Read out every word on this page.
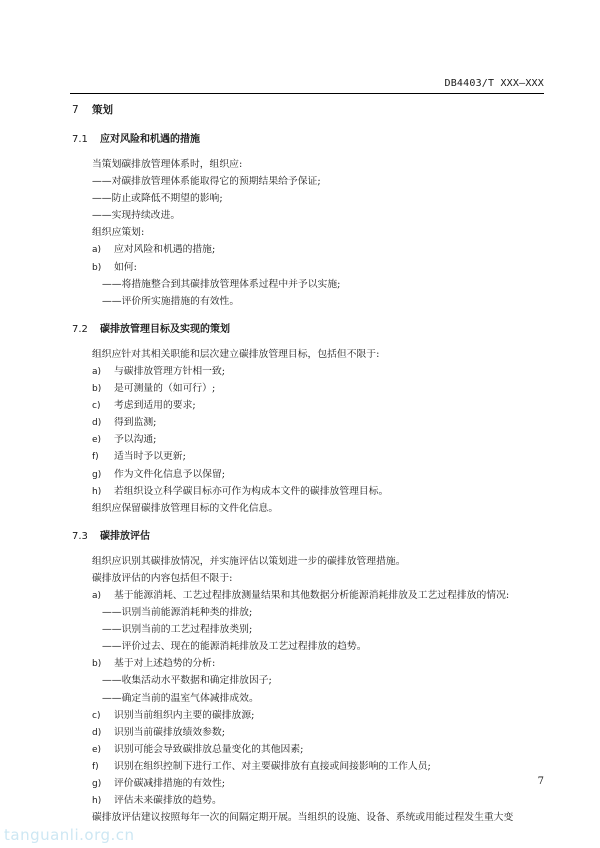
DB4403/T XXX—XXX
7 策划
7.1 应对风险和机遇的措施
当策划碳排放管理体系时，组织应:
——对碳排放管理体系能取得它的预期结果给予保证;
——防止或降低不期望的影响;
——实现持续改进。
组织应策划:
a) 应对风险和机遇的措施;
b) 如何:
——将措施整合到其碳排放管理体系过程中并予以实施;
——评价所实施措施的有效性。
7.2 碳排放管理目标及实现的策划
组织应针对其相关职能和层次建立碳排放管理目标，包括但不限于:
a) 与碳排放管理方针相一致;
b) 是可测量的（如可行）;
c) 考虑到适用的要求;
d) 得到监测;
e) 予以沟通;
f) 适当时予以更新;
g) 作为文件化信息予以保留;
h) 若组织设立科学碳目标亦可作为构成本文件的碳排放管理目标。
组织应保留碳排放管理目标的文件化信息。
7.3 碳排放评估
组织应识别其碳排放情况，并实施评估以策划进一步的碳排放管理措施。
碳排放评估的内容包括但不限于:
a) 基于能源消耗、工艺过程排放测量结果和其他数据分析能源消耗排放及工艺过程排放的情况:
——识别当前能源消耗种类的排放;
——识别当前的工艺过程排放类别;
——评价过去、现在的能源消耗排放及工艺过程排放的趋势。
b) 基于对上述趋势的分析:
——收集活动水平数据和确定排放因子;
——确定当前的温室气体减排成效。
c) 识别当前组织内主要的碳排放源;
d) 识别当前碳排放绩效参数;
e) 识别可能会导致碳排放总量变化的其他因素;
f) 识别在组织控制下进行工作、对主要碳排放有直接或间接影响的工作人员;
g) 评价碳减排措施的有效性;
h) 评估未来碳排放的趋势。
碳排放评估建议按照每年一次的间隔定期开展。当组织的设施、设备、系统或用能过程发生重大变
7
tanguanli.org.cn
